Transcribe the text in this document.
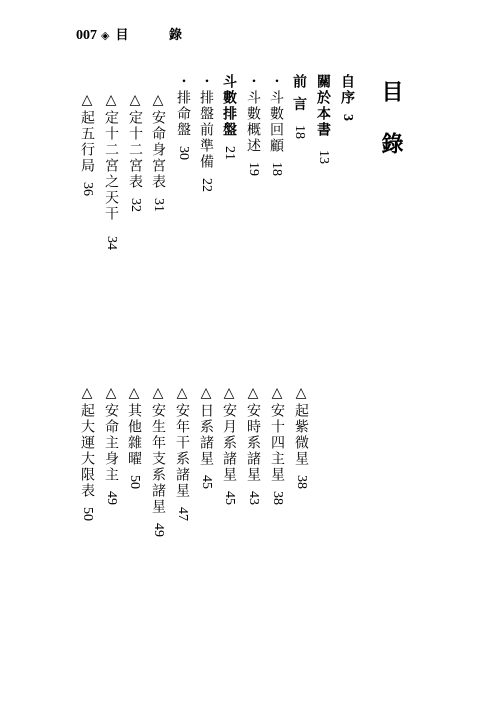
007 ◈ 目 錄
目錄
自序3
關於本書13
前 言18
・斗數回顧18
・斗數概述19
斗數排盤21
・排盤前準備22
・排命盤30
△安命身宮表31
△定十二宮表32
△定十二宮之天干34
△起五行局36
△起紫微星38
△安十四主星38
△安時系諸星43
△安月系諸星45
△日系諸星45
△安年干系諸星47
△安生年支系諸星49
△其他雜曜50
△安命主身主49
△起大運大限表50
